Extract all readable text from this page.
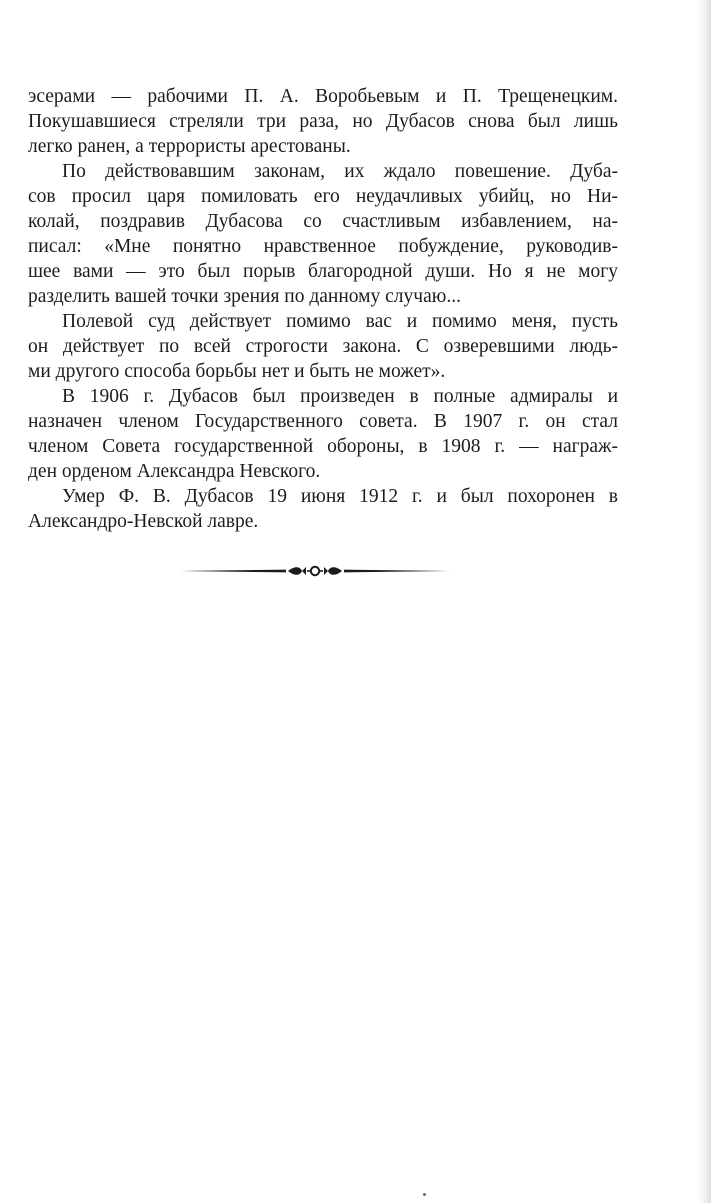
эсерами — рабочими П. А. Воробьевым и П. Трещенецким.
Покушавшиеся стреляли три раза, но Дубасов снова был лишь
легко ранен, а террористы арестованы.
По действовавшим законам, их ждало повешение. Дуба-
сов просил царя помиловать его неудачливых убийц, но Ни-
колай, поздравив Дубасова со счастливым избавлением, на-
писал: «Мне понятно нравственное побуждение, руководив-
шее вами — это был порыв благородной души. Но я не могу
разделить вашей точки зрения по данному случаю...
Полевой суд действует помимо вас и помимо меня, пусть
он действует по всей строгости закона. С озверевшими людь-
ми другого способа борьбы нет и быть не может».
В 1906 г. Дубасов был произведен в полные адмиралы и
назначен членом Государственного совета. В 1907 г. он стал
членом Совета государственной обороны, в 1908 г. — награж-
ден орденом Александра Невского.
Умер Ф. В. Дубасов 19 июня 1912 г. и был похоронен в
Александро-Невской лавре.
